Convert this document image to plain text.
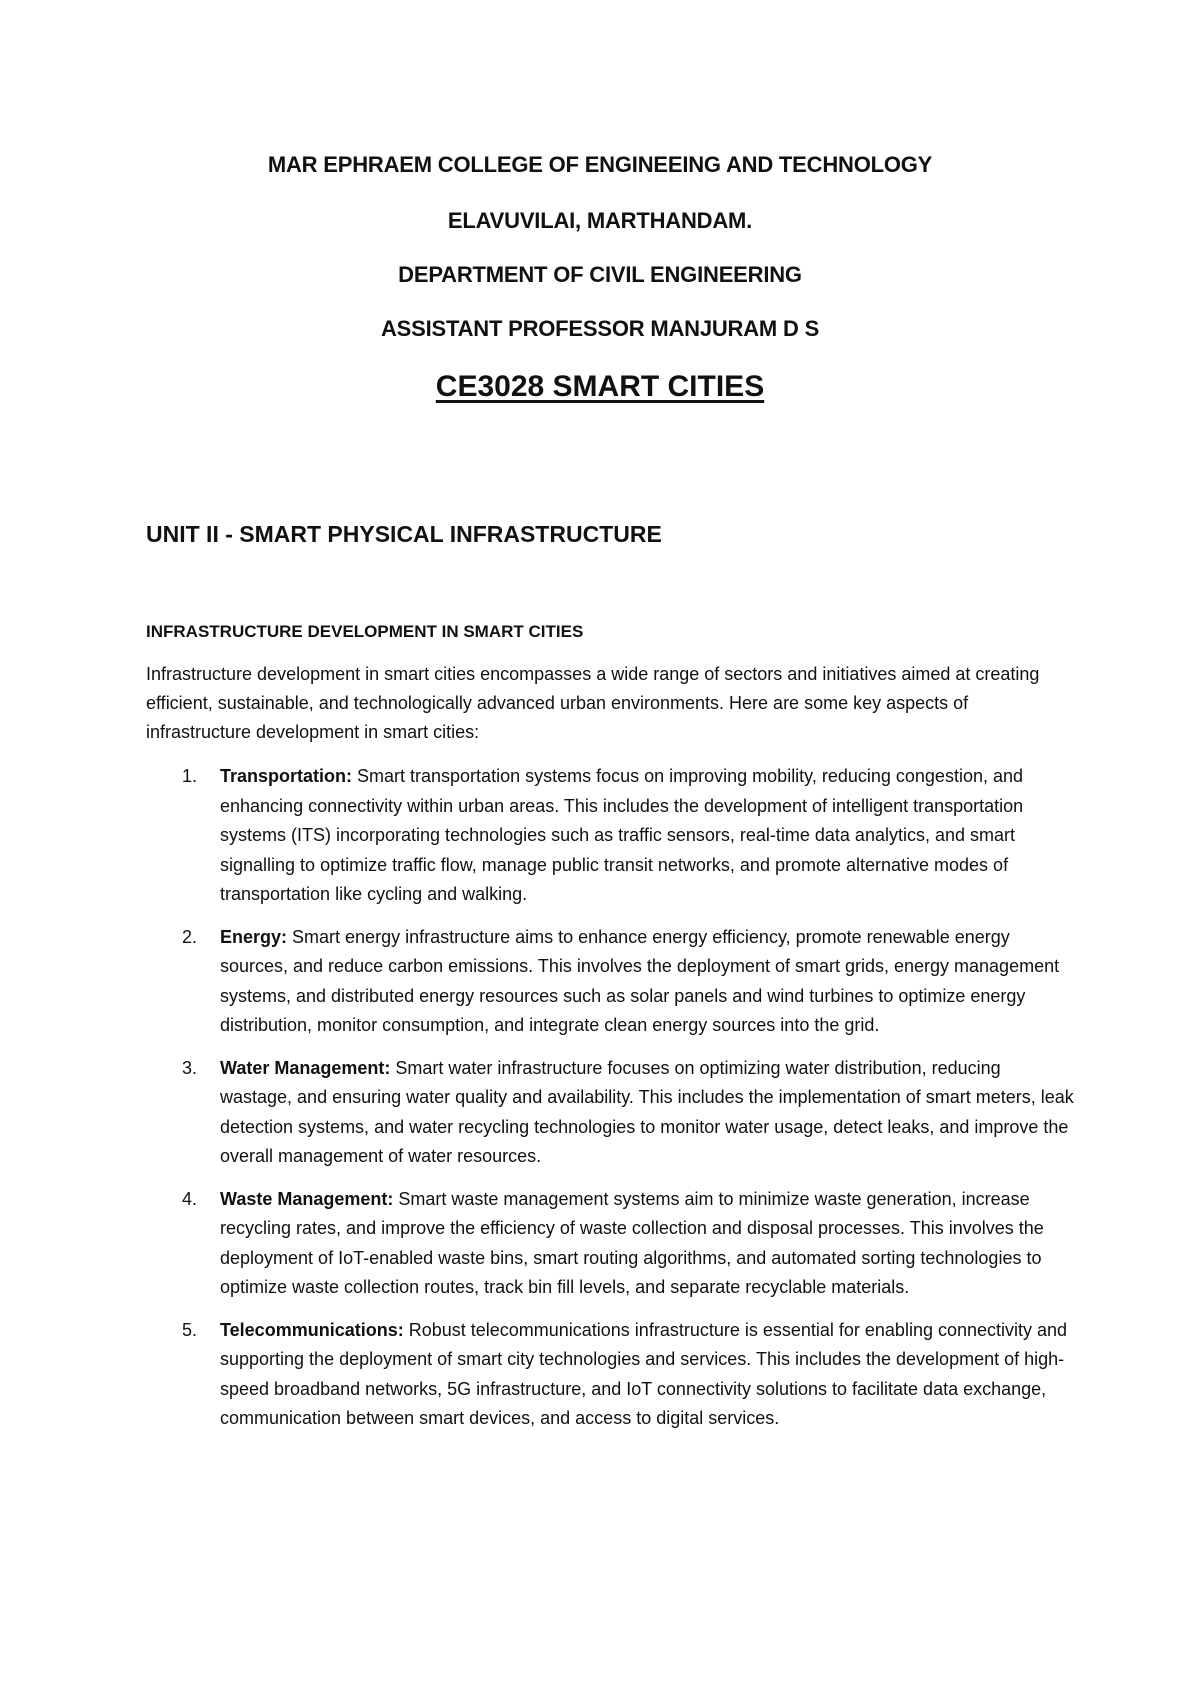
MAR EPHRAEM COLLEGE OF ENGINEEING AND TECHNOLOGY
ELAVUVILAI, MARTHANDAM.
DEPARTMENT OF CIVIL ENGINEERING
ASSISTANT PROFESSOR MANJURAM D S
CE3028 SMART CITIES
UNIT II - SMART PHYSICAL INFRASTRUCTURE
INFRASTRUCTURE DEVELOPMENT IN SMART CITIES

Infrastructure development in smart cities encompasses a wide range of sectors and initiatives aimed at creating efficient, sustainable, and technologically advanced urban environments. Here are some key aspects of infrastructure development in smart cities:

1. Transportation: Smart transportation systems focus on improving mobility, reducing congestion, and enhancing connectivity within urban areas. This includes the development of intelligent transportation systems (ITS) incorporating technologies such as traffic sensors, real-time data analytics, and smart signalling to optimize traffic flow, manage public transit networks, and promote alternative modes of transportation like cycling and walking.
2. Energy: Smart energy infrastructure aims to enhance energy efficiency, promote renewable energy sources, and reduce carbon emissions. This involves the deployment of smart grids, energy management systems, and distributed energy resources such as solar panels and wind turbines to optimize energy distribution, monitor consumption, and integrate clean energy sources into the grid.
3. Water Management: Smart water infrastructure focuses on optimizing water distribution, reducing wastage, and ensuring water quality and availability. This includes the implementation of smart meters, leak detection systems, and water recycling technologies to monitor water usage, detect leaks, and improve the overall management of water resources.
4. Waste Management: Smart waste management systems aim to minimize waste generation, increase recycling rates, and improve the efficiency of waste collection and disposal processes. This involves the deployment of IoT-enabled waste bins, smart routing algorithms, and automated sorting technologies to optimize waste collection routes, track bin fill levels, and separate recyclable materials.
5. Telecommunications: Robust telecommunications infrastructure is essential for enabling connectivity and supporting the deployment of smart city technologies and services. This includes the development of high-speed broadband networks, 5G infrastructure, and IoT connectivity solutions to facilitate data exchange, communication between smart devices, and access to digital services.
